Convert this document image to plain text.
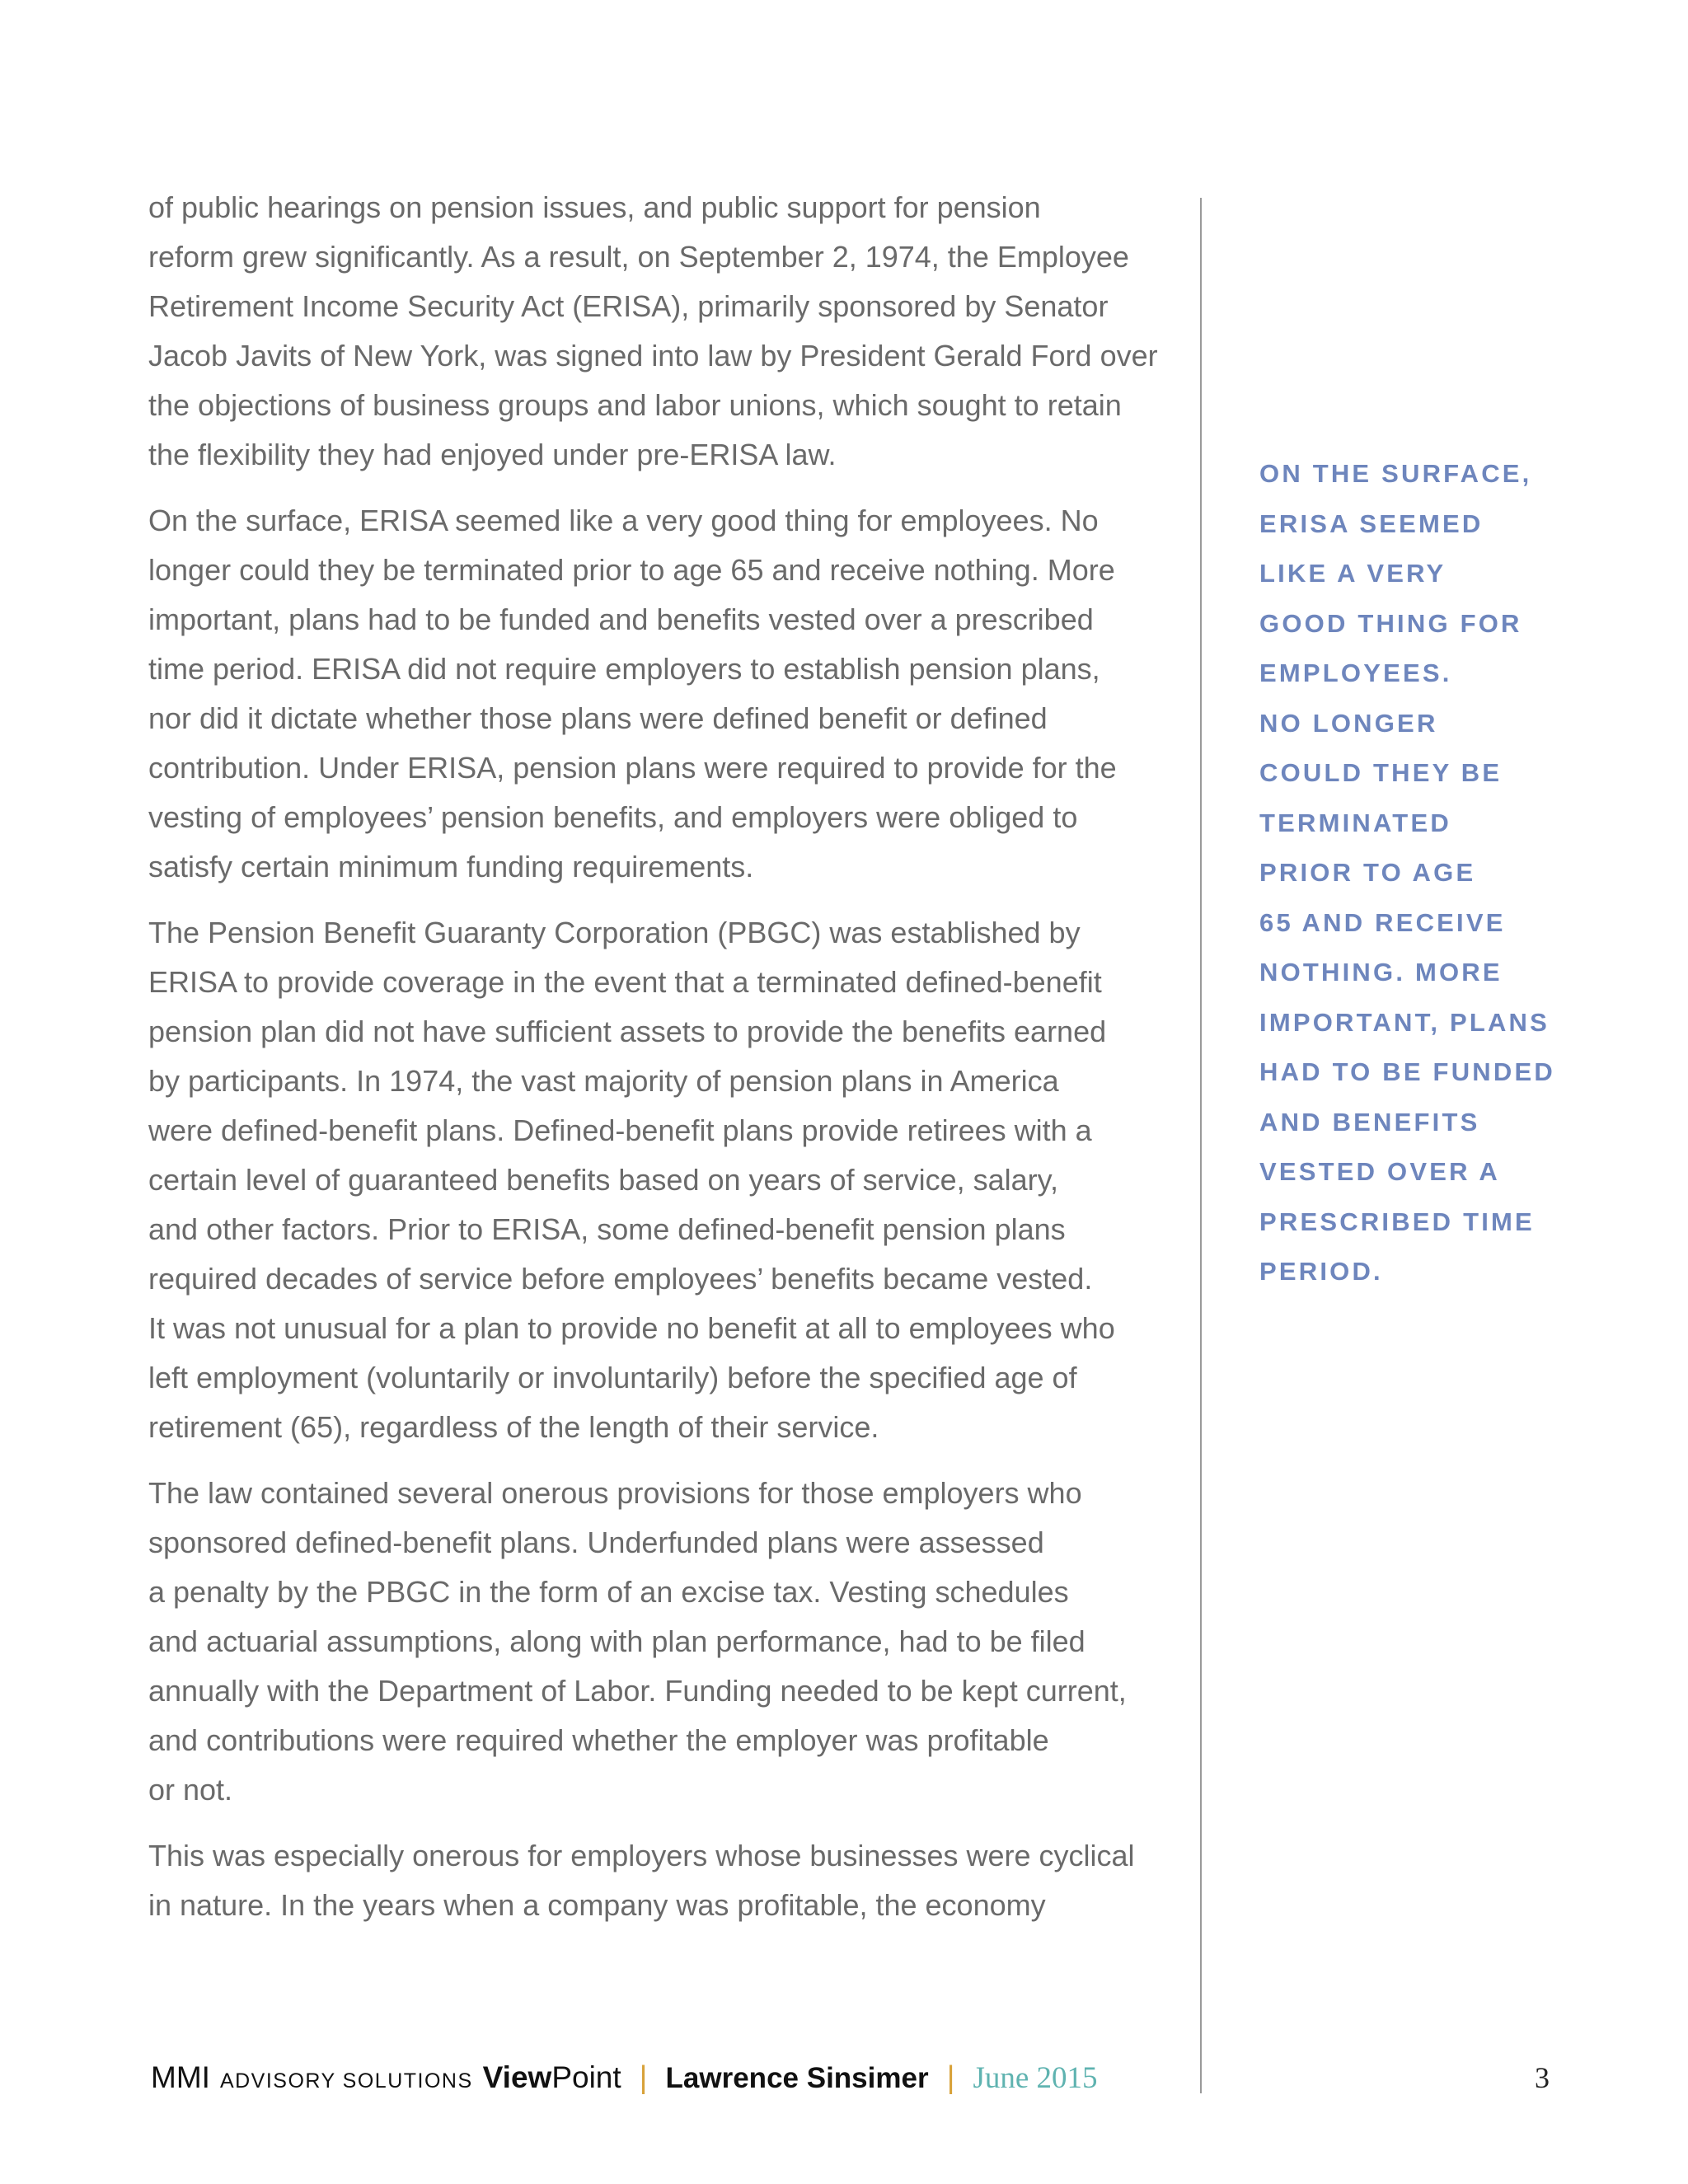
of public hearings on pension issues, and public support for pension
reform grew significantly. As a result, on September 2, 1974, the Employee
Retirement Income Security Act (ERISA), primarily sponsored by Senator
Jacob Javits of New York, was signed into law by President Gerald Ford over
the objections of business groups and labor unions, which sought to retain
the flexibility they had enjoyed under pre-ERISA law.

On the surface, ERISA seemed like a very good thing for employees. No
longer could they be terminated prior to age 65 and receive nothing. More
important, plans had to be funded and benefits vested over a prescribed
time period. ERISA did not require employers to establish pension plans,
nor did it dictate whether those plans were defined benefit or defined
contribution. Under ERISA, pension plans were required to provide for the
vesting of employees’ pension benefits, and employers were obliged to
satisfy certain minimum funding requirements.

The Pension Benefit Guaranty Corporation (PBGC) was established by
ERISA to provide coverage in the event that a terminated defined-benefit
pension plan did not have sufficient assets to provide the benefits earned
by participants. In 1974, the vast majority of pension plans in America
were defined-benefit plans. Defined-benefit plans provide retirees with a
certain level of guaranteed benefits based on years of service, salary,
and other factors. Prior to ERISA, some defined-benefit pension plans
required decades of service before employees’ benefits became vested.
It was not unusual for a plan to provide no benefit at all to employees who
left employment (voluntarily or involuntarily) before the specified age of
retirement (65), regardless of the length of their service.

The law contained several onerous provisions for those employers who
sponsored defined-benefit plans. Underfunded plans were assessed
a penalty by the PBGC in the form of an excise tax. Vesting schedules
and actuarial assumptions, along with plan performance, had to be filed
annually with the Department of Labor. Funding needed to be kept current,
and contributions were required whether the employer was profitable
or not.

This was especially onerous for employers whose businesses were cyclical
in nature. In the years when a company was profitable, the economy

ON THE SURFACE,
ERISA SEEMED
LIKE A VERY
GOOD THING FOR
EMPLOYEES.
NO LONGER
COULD THEY BE
TERMINATED
PRIOR TO AGE
65 AND RECEIVE
NOTHING. MORE
IMPORTANT, PLANS
HAD TO BE FUNDED
AND BENEFITS
VESTED OVER A
PRESCRIBED TIME
PERIOD.
MMI ADVISORY SOLUTIONS View Point | Lawrence Sinsimer | June 2015	3
